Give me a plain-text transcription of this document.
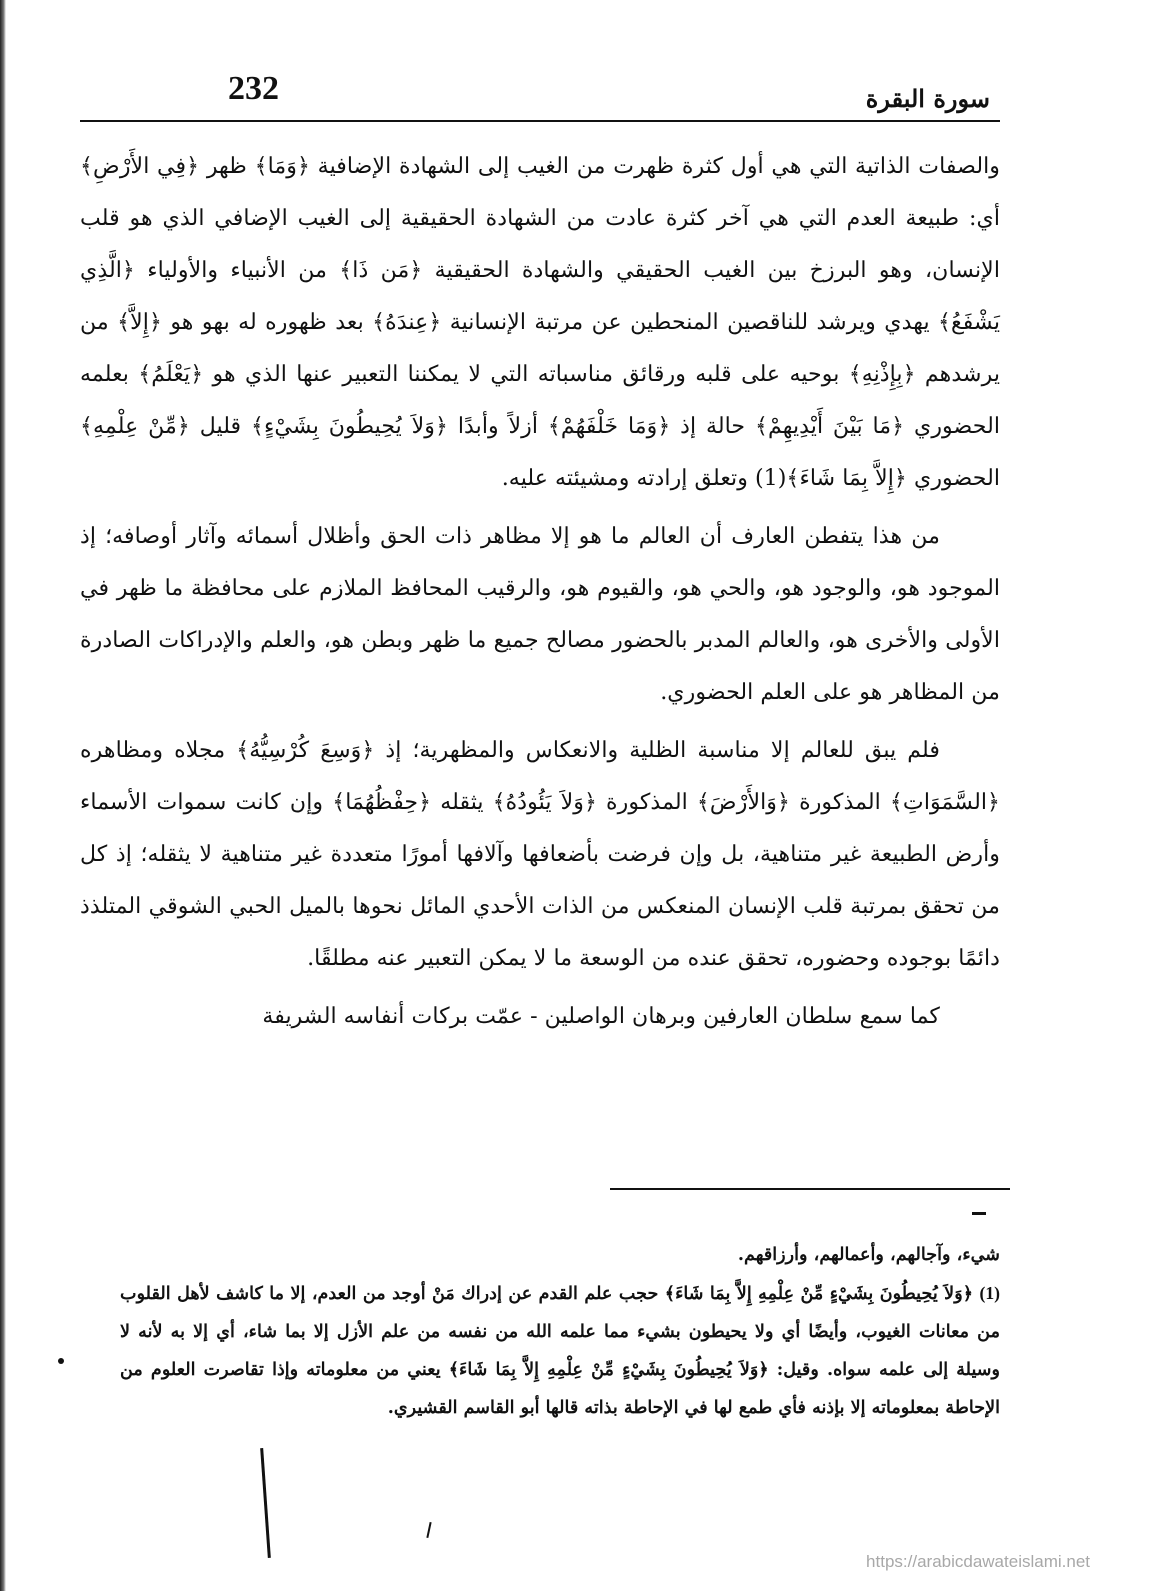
232	سورة البقرة

والصفات الذاتية التي هي أول كثرة ظهرت من الغيب إلى الشهادة الإضافية ﴿وَمَا﴾ ظهر ﴿فِي الأَرْضِ﴾ أي: طبيعة العدم التي هي آخر كثرة عادت من الشهادة الحقيقية إلى الغيب الإضافي الذي هو قلب الإنسان، وهو البرزخ بين الغيب الحقيقي والشهادة الحقيقية ﴿مَن ذَا﴾ من الأنبياء والأولياء ﴿الَّذِي يَشْفَعُ﴾ يهدي ويرشد للناقصين المنحطين عن مرتبة الإنسانية ﴿عِندَهُ﴾ بعد ظهوره له بهو هو ﴿إِلاَّ﴾ من يرشدهم ﴿بِإِذْنِهِ﴾ بوحيه على قلبه ورقائق مناسباته التي لا يمكننا التعبير عنها الذي هو ﴿يَعْلَمُ﴾ بعلمه الحضوري ﴿مَا بَيْنَ أَيْدِيهِمْ﴾ حالة إذ ﴿وَمَا خَلْفَهُمْ﴾ أزلاً وأبدًا ﴿وَلاَ يُحِيطُونَ بِشَيْءٍ﴾ قليل ﴿مِّنْ عِلْمِهِ﴾ الحضوري ﴿إِلاَّ بِمَا شَاءَ﴾(1) وتعلق إرادته ومشيئته عليه.

من هذا يتفطن العارف أن العالم ما هو إلا مظاهر ذات الحق وأظلال أسمائه وآثار أوصافه؛ إذ الموجود هو، والوجود هو، والحي هو، والقيوم هو، والرقيب المحافظ الملازم على محافظة ما ظهر في الأولى والأخرى هو، والعالم المدبر بالحضور مصالح جميع ما ظهر وبطن هو، والعلم والإدراكات الصادرة من المظاهر هو على العلم الحضوري.

فلم يبق للعالم إلا مناسبة الظلية والانعكاس والمظهرية؛ إذ ﴿وَسِعَ كُرْسِيُّهُ﴾ مجلاه ومظاهره ﴿السَّمَوَاتِ﴾ المذكورة ﴿وَالأَرْضَ﴾ المذكورة ﴿وَلاَ يَئُودُهُ﴾ يثقله ﴿حِفْظُهُمَا﴾ وإن كانت سموات الأسماء وأرض الطبيعة غير متناهية، بل وإن فرضت بأضعافها وآلافها أمورًا متعددة غير متناهية لا يثقله؛ إذ كل من تحقق بمرتبة قلب الإنسان المنعكس من الذات الأحدي المائل نحوها بالميل الحبي الشوقي المتلذذ دائمًا بوجوده وحضوره، تحقق عنده من الوسعة ما لا يمكن التعبير عنه مطلقًا.

كما سمع سلطان العارفين وبرهان الواصلين - عمّت بركات أنفاسه الشريفة

شيء، وآجالهم، وأعمالهم، وأرزاقهم.

(1) ﴿وَلاَ يُحِيطُونَ بِشَيْءٍ مِّنْ عِلْمِهِ إِلاَّ بِمَا شَاءَ﴾ حجب علم القدم عن إدراك مَنْ أوجد من العدم، إلا ما كاشف لأهل القلوب من معانات الغيوب، وأيضًا أي ولا يحيطون بشيء مما علمه الله من نفسه من علم الأزل إلا بما شاء، أي إلا به لأنه لا وسيلة إلى علمه سواه. وقيل: ﴿وَلاَ يُحِيطُونَ بِشَيْءٍ مِّنْ عِلْمِهِ إِلاَّ بِمَا شَاءَ﴾ يعني من معلوماته وإذا تقاصرت العلوم من الإحاطة بمعلوماته إلا بإذنه فأي طمع لها في الإحاطة بذاته قالها أبو القاسم القشيري.

https://arabicdawateislami.net
